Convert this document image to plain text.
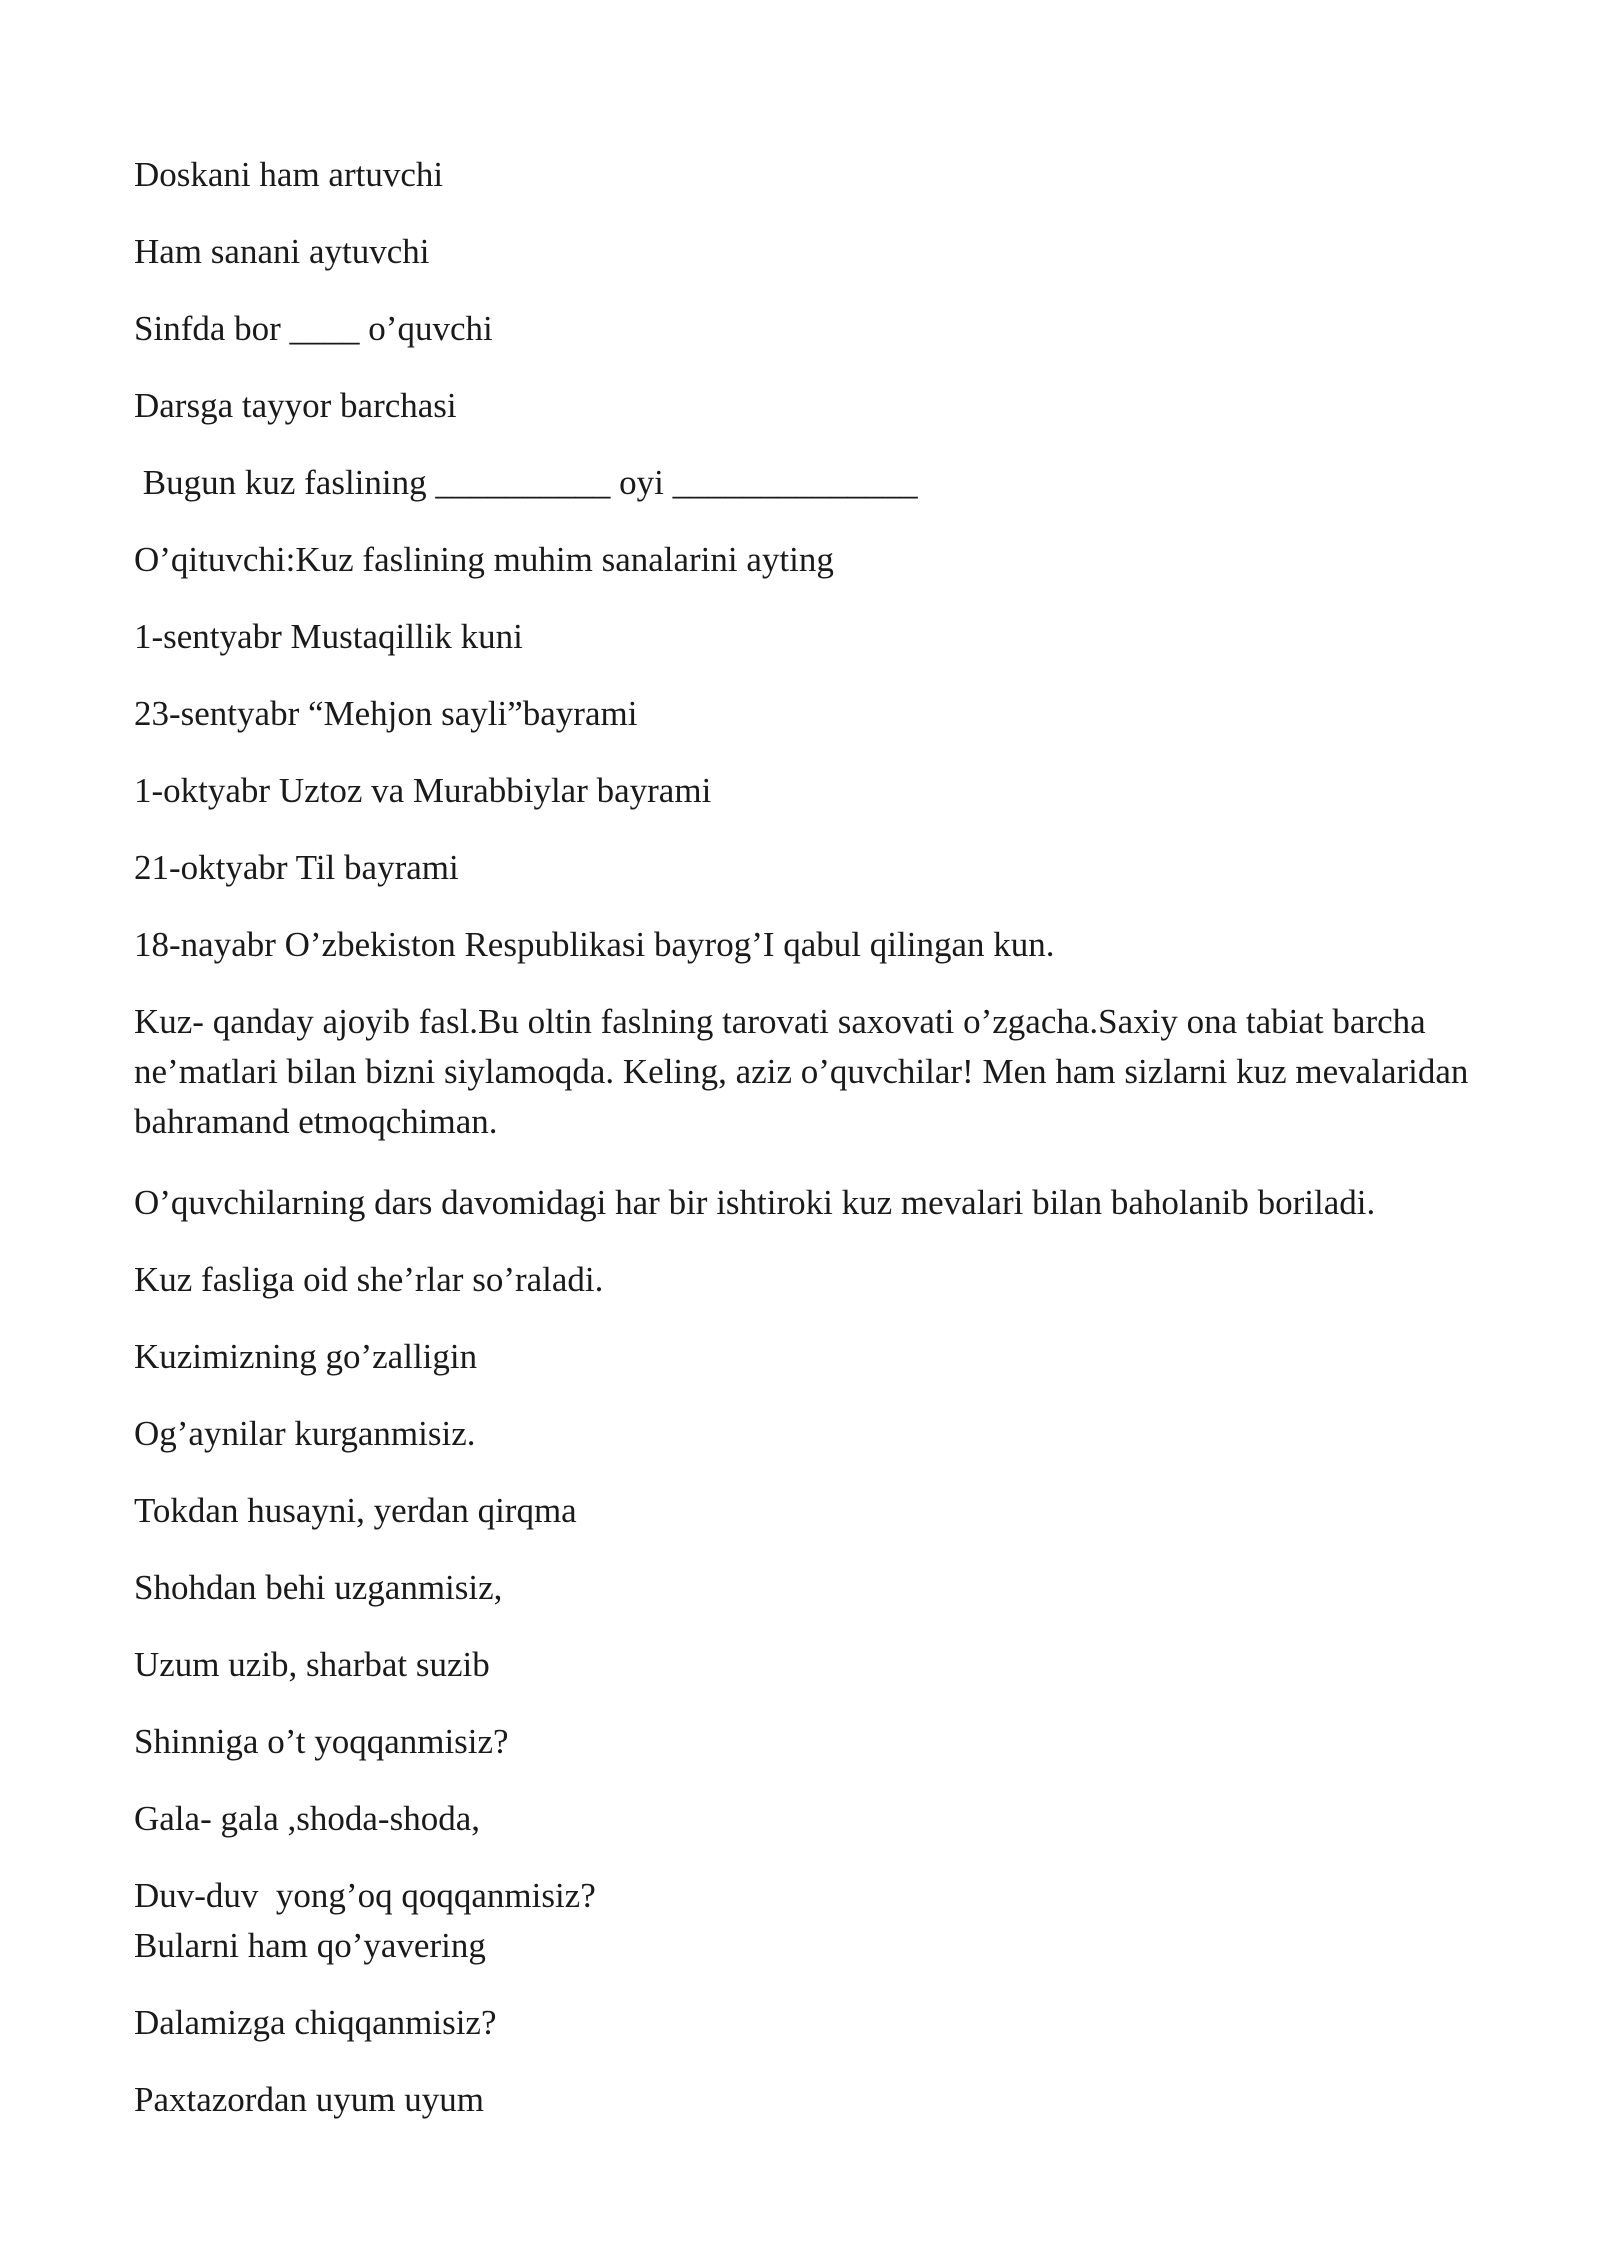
Doskani ham artuvchi

Ham sanani aytuvchi

Sinfda bor ____ o’quvchi

Darsga tayyor barchasi

Bugun kuz faslining __________ oyi ______________

O’qituvchi:Kuz faslining muhim sanalarini ayting

1-sentyabr Mustaqillik kuni

23-sentyabr “Mehjon sayli”bayrami

1-oktyabr Uztoz va Murabbiylar bayrami

21-oktyabr Til bayrami

18-nayabr O’zbekiston Respublikasi bayrog’I qabul qilingan kun.

Kuz- qanday ajoyib fasl.Bu oltin faslning tarovati saxovati o’zgacha.Saxiy ona tabiat barcha ne’matlari bilan bizni siylamoqda. Keling, aziz o’quvchilar! Men ham sizlarni kuz mevalaridan bahramand etmoqchiman.

O’quvchilarning dars davomidagi har bir ishtiroki kuz mevalari bilan baholanib boriladi.

Kuz fasliga oid she’rlar so’raladi.

Kuzimizning go’zalligin

Og’aynilar kurganmisiz.

Tokdan husayni, yerdan qirqma

Shohdan behi uzganmisiz,

Uzum uzib, sharbat suzib

Shinniga o’t yoqqanmisiz?

Gala- gala ,shoda-shoda,

Duv-duv  yong’oq qoqqanmisiz?

Bularni ham qo’yavering

Dalamizga chiqqanmisiz?

Paxtazordan uyum uyum
